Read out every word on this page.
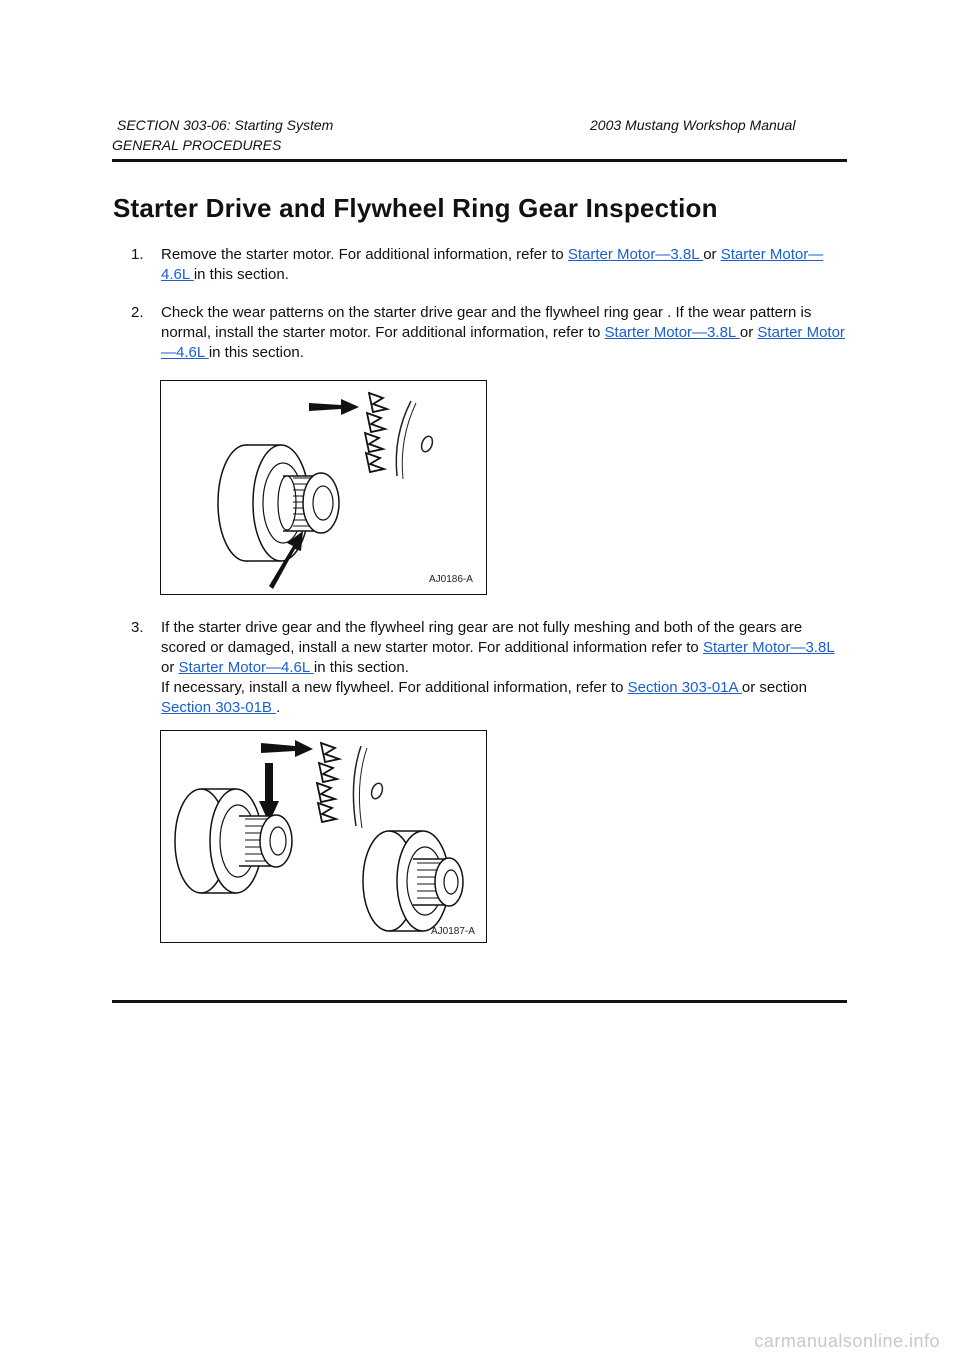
SECTION 303-06: Starting System	2003 Mustang Workshop Manual
GENERAL PROCEDURES
Starter Drive and Flywheel Ring Gear Inspection
1. Remove the starter motor. For additional information, refer to Starter Motor—3.8L or Starter Motor—4.6L in this section.
2. Check the wear patterns on the starter drive gear and the flywheel ring gear . If the wear pattern is normal, install the starter motor. For additional information, refer to Starter Motor—3.8L or Starter Motor—4.6L in this section.
AJ0186-A
3. If the starter drive gear and the flywheel ring gear are not fully meshing and both of the gears are scored or damaged, install a new starter motor. For additional information refer to Starter Motor—3.8L or Starter Motor—4.6L in this section.
If necessary, install a new flywheel. For additional information, refer to Section 303-01A or section Section 303-01B .
AJ0187-A
carmanualsonline.info
